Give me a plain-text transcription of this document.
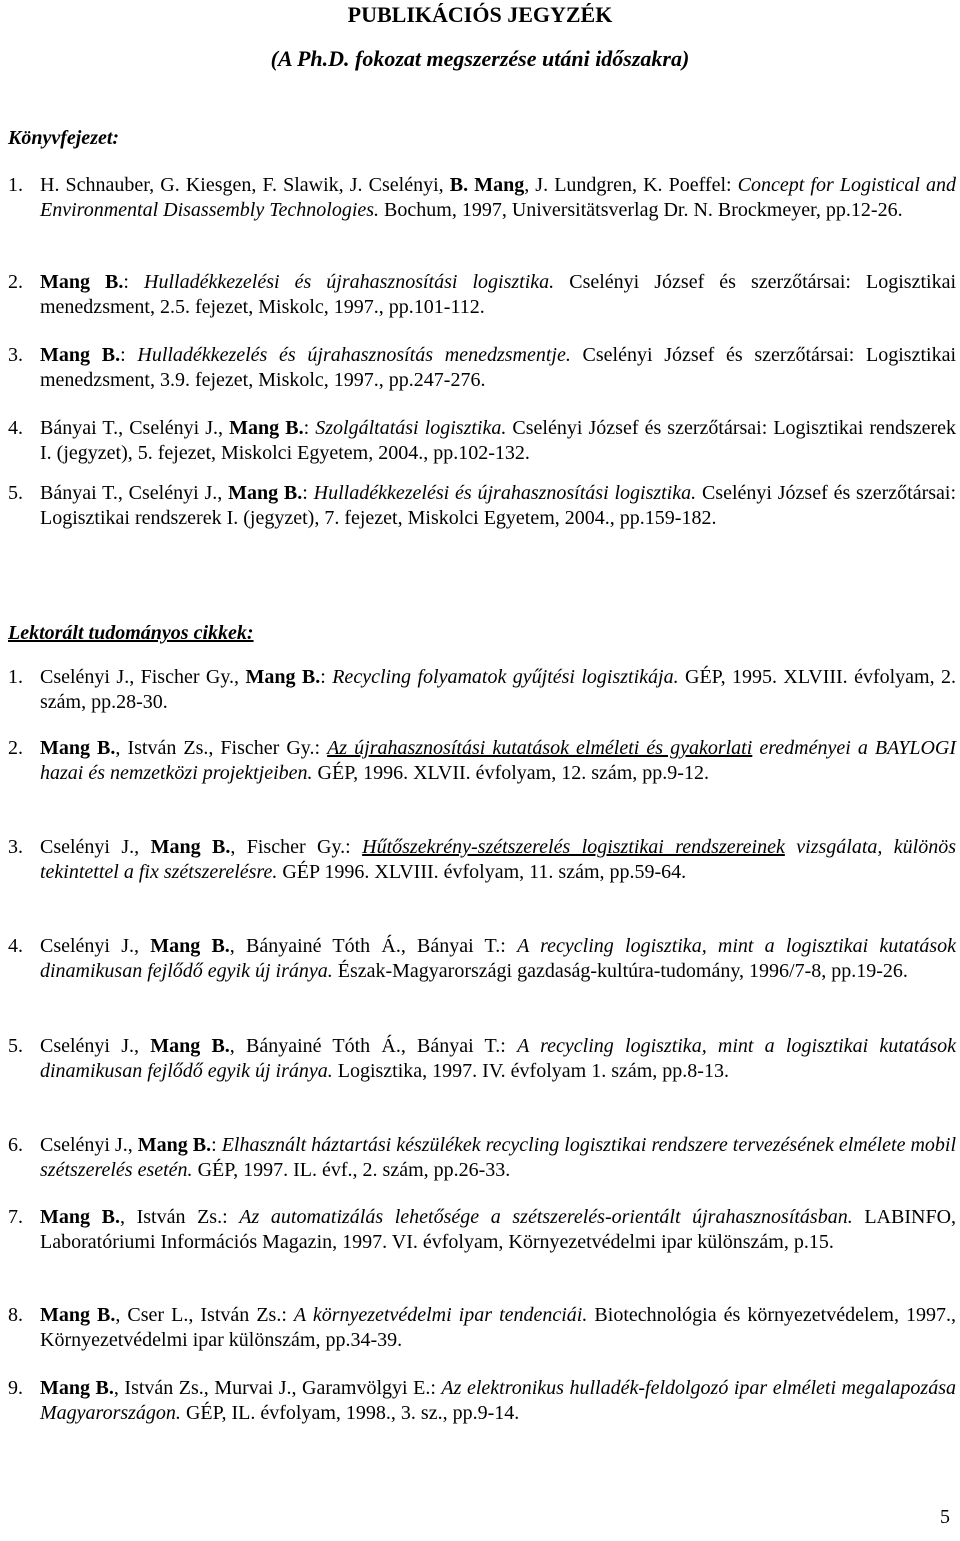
PUBLIKÁCIÓS JEGYZÉK
(A Ph.D. fokozat megszerzése utáni időszakra)
Könyvfejezet:
1. H. Schnauber, G. Kiesgen, F. Slawik, J. Cselényi, B. Mang, J. Lundgren, K. Poeffel: Concept for Logistical and Environmental Disassembly Technologies. Bochum, 1997, Universitätsverlag Dr. N. Brockmeyer, pp.12-26.
2. Mang B.: Hulladékkezelési és újrahasznosítási logisztika. Cselényi József és szerzőtársai: Logisztikai menedzsment, 2.5. fejezet, Miskolc, 1997., pp.101-112.
3. Mang B.: Hulladékkezelés és újrahasznosítás menedzsmentje. Cselényi József és szerzőtársai: Logisztikai menedzsment, 3.9. fejezet, Miskolc, 1997., pp.247-276.
4. Bányai T., Cselényi J., Mang B.: Szolgáltatási logisztika. Cselényi József és szerzőtársai: Logisztikai rendszerek I. (jegyzet), 5. fejezet, Miskolci Egyetem, 2004., pp.102-132.
5. Bányai T., Cselényi J., Mang B.: Hulladékkezelési és újrahasznosítási logisztika. Cselényi József és szerzőtársai: Logisztikai rendszerek I. (jegyzet), 7. fejezet, Miskolci Egyetem, 2004., pp.159-182.
Lektorált tudományos cikkek:
1. Cselényi J., Fischer Gy., Mang B.: Recycling folyamatok gyűjtési logisztikája. GÉP, 1995. XLVIII. évfolyam, 2. szám, pp.28-30.
2. Mang B., István Zs., Fischer Gy.: Az újrahasznosítási kutatások elméleti és gyakorlati eredményei a BAYLOGI hazai és nemzetközi projektjeiben. GÉP, 1996. XLVII. évfolyam, 12. szám, pp.9-12.
3. Cselényi J., Mang B., Fischer Gy.: Hűtőszekrény-szétszerelés logisztikai rendszereinek vizsgálata, különös tekintettel a fix szétszerelésre. GÉP 1996. XLVIII. évfolyam, 11. szám, pp.59-64.
4. Cselényi J., Mang B., Bányainé Tóth Á., Bányai T.: A recycling logisztika, mint a logisztikai kutatások dinamikusan fejlődő egyik új iránya. Észak-Magyarországi gazdaság-kultúra-tudomány, 1996/7-8, pp.19-26.
5. Cselényi J., Mang B., Bányainé Tóth Á., Bányai T.: A recycling logisztika, mint a logisztikai kutatások dinamikusan fejlődő egyik új iránya. Logisztika, 1997. IV. évfolyam 1. szám, pp.8-13.
6. Cselényi J., Mang B.: Elhasznált háztartási készülékek recycling logisztikai rendszere tervezésének elmélete mobil szétszerelés esetén. GÉP, 1997. IL. évf., 2. szám, pp.26-33.
7. Mang B., István Zs.: Az automatizálás lehetősége a szétszerelés-orientált újrahasznosításban. LABINFO, Laboratóriumi Információs Magazin, 1997. VI. évfolyam, Környezetvédelmi ipar különszám, p.15.
8. Mang B., Cser L., István Zs.: A környezetvédelmi ipar tendenciái. Biotechnológia és környezetvédelem, 1997., Környezetvédelmi ipar különszám, pp.34-39.
9. Mang B., István Zs., Murvai J., Garamvölgyi E.: Az elektronikus hulladék-feldolgozó ipar elméleti megalapozása Magyarországon. GÉP, IL. évfolyam, 1998., 3. sz., pp.9-14.
5
